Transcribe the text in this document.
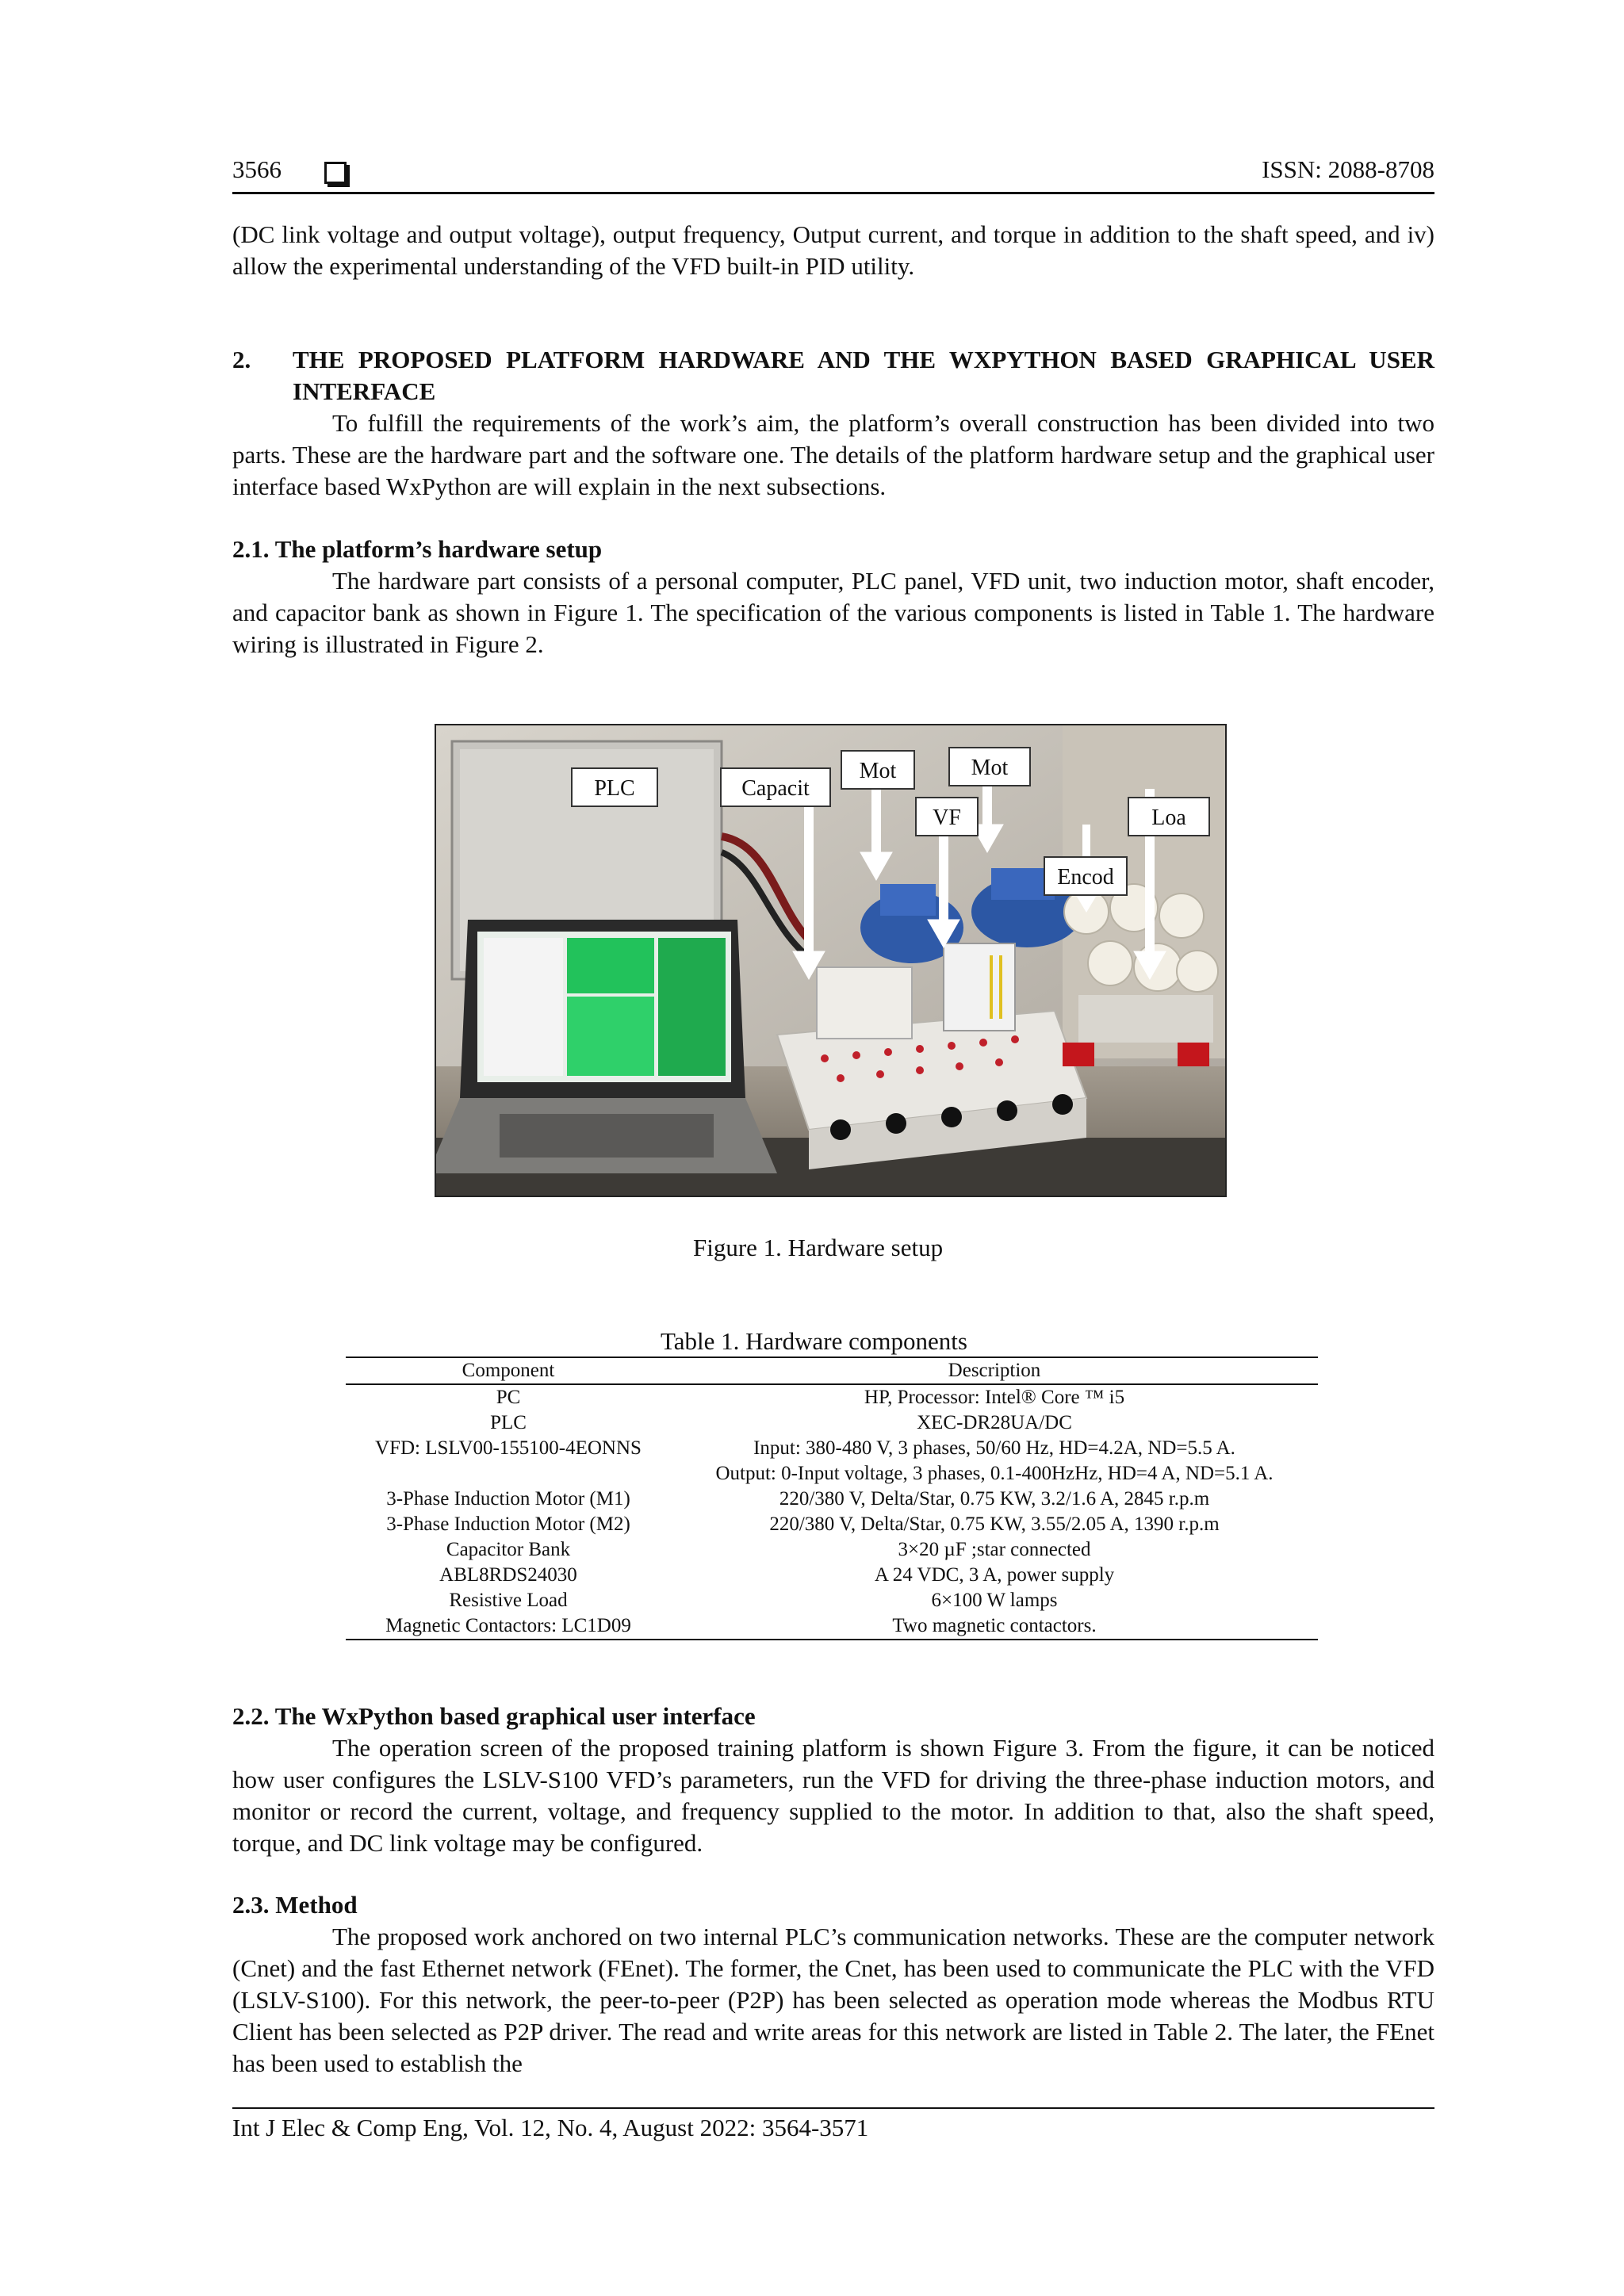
3566	ISSN: 2088-8708

(DC link voltage and output voltage), output frequency, Output current, and torque in addition to the shaft speed, and iv) allow the experimental understanding of the VFD built-in PID utility.

2. THE PROPOSED PLATFORM HARDWARE AND THE WXPYTHON BASED GRAPHICAL USER INTERFACE

To fulfill the requirements of the work’s aim, the platform’s overall construction has been divided into two parts. These are the hardware part and the software one. The details of the platform hardware setup and the graphical user interface based WxPython are will explain in the next subsections.

2.1. The platform’s hardware setup

The hardware part consists of a personal computer, PLC panel, VFD unit, two induction motor, shaft encoder, and capacitor bank as shown in Figure 1. The specification of the various components is listed in Table 1. The hardware wiring is illustrated in Figure 2.

PLC	Capacit
Mot	Mot
VF
Encod
Loa
Figure 1. Hardware setup
Table 1. Hardware components
Component	Description
PC	HP, Processor: Intel® Core ™ i5
PLC	XEC-DR28UA/DC
VFD: LSLV00-155100-4EONNS	Input: 380-480 V, 3 phases, 50/60 Hz, HD=4.2A, ND=5.5 A.
	Output: 0-Input voltage, 3 phases, 0.1-400HzHz, HD=4 A, ND=5.1 A.
3-Phase Induction Motor (M1)	220/380 V, Delta/Star, 0.75 KW, 3.2/1.6 A, 2845 r.p.m
3-Phase Induction Motor (M2)	220/380 V, Delta/Star, 0.75 KW, 3.55/2.05 A, 1390 r.p.m
Capacitor Bank	3×20 µF ;star connected
ABL8RDS24030	A 24 VDC, 3 A, power supply
Resistive Load	6×100 W lamps
Magnetic Contactors: LC1D09	Two magnetic contactors.

2.2. The WxPython based graphical user interface

The operation screen of the proposed training platform is shown Figure 3. From the figure, it can be noticed how user configures the LSLV-S100 VFD’s parameters, run the VFD for driving the three-phase induction motors, and monitor or record the current, voltage, and frequency supplied to the motor. In addition to that, also the shaft speed, torque, and DC link voltage may be configured.

2.3. Method

The proposed work anchored on two internal PLC’s communication networks. These are the computer network (Cnet) and the fast Ethernet network (FEnet). The former, the Cnet, has been used to communicate the PLC with the VFD (LSLV-S100). For this network, the peer-to-peer (P2P) has been selected as operation mode whereas the Modbus RTU Client has been selected as P2P driver. The read and write areas for this network are listed in Table 2. The later, the FEnet has been used to establish the

Int J Elec & Comp Eng, Vol. 12, No. 4, August 2022: 3564-3571
